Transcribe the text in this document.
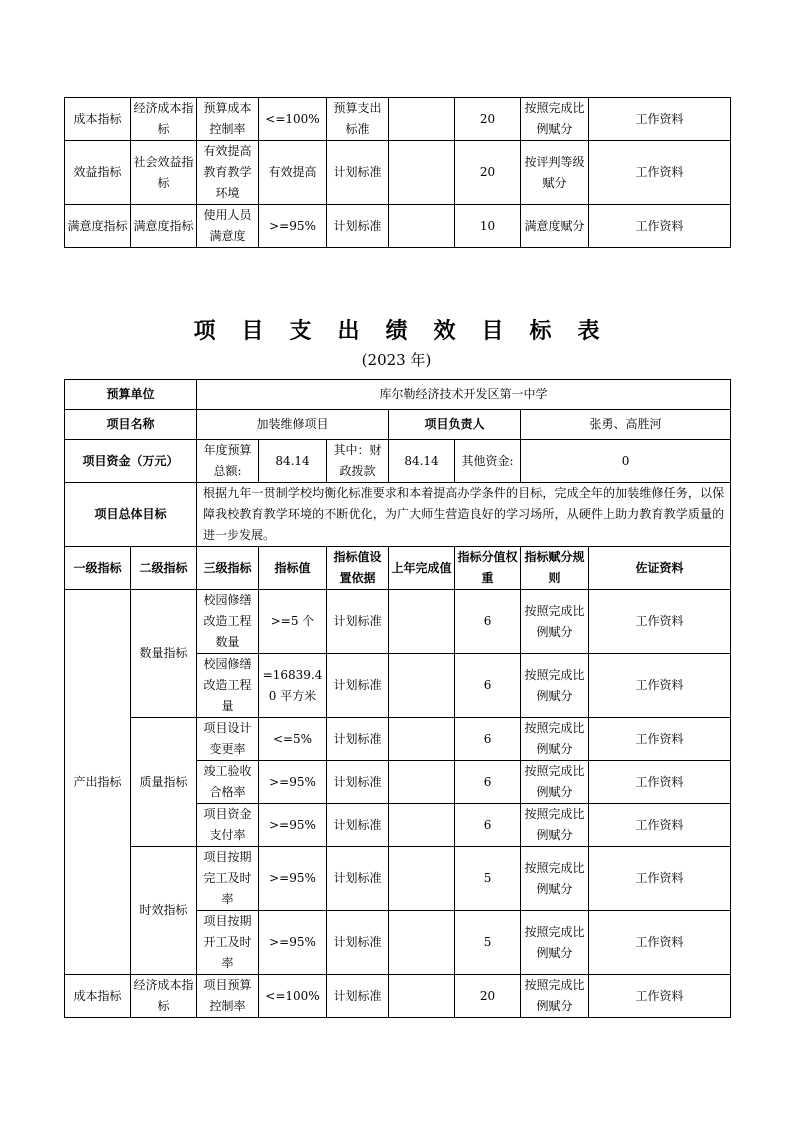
成本指标	经济成本指标	预算成本控制率	<=100%	预算支出标准		20	按照完成比例赋分	工作资料
效益指标	社会效益指标	有效提高教育教学环境	有效提高	计划标准		20	按评判等级赋分	工作资料
满意度指标	满意度指标	使用人员满意度	>=95%	计划标准		10	满意度赋分	工作资料
项目支出绩效目标表
(2023 年)
预算单位		库尔勒经济技术开发区第一中学						
项目名称		加装维修项目			项目负责人		张勇、高胜河	
项目资金（万元）		年度预算总额:	84.14	其中：财政拨款	84.14	其他资金:	0	
项目总体目标		根据九年一贯制学校均衡化标准要求和本着提高办学条件的目标，完成全年的加装维修任务，以保障我校教育教学环境的不断优化，为广大师生营造良好的学习场所，从硬件上助力教育教学质量的进一步发展。						
一级指标	二级指标	三级指标	指标值	指标值设置依据	上年完成值	指标分值权重	指标赋分规则	佐证资料
产出指标	数量指标	校园修缮改造工程数量	>=5 个	计划标准		6	按照完成比例赋分	工作资料
		校园修缮改造工程量	=16839.40 平方米	计划标准		6	按照完成比例赋分	工作资料
	质量指标	项目设计变更率	<=5%	计划标准		6	按照完成比例赋分	工作资料
		竣工验收合格率	>=95%	计划标准		6	按照完成比例赋分	工作资料
		项目资金支付率	>=95%	计划标准		6	按照完成比例赋分	工作资料
	时效指标	项目按期完工及时率	>=95%	计划标准		5	按照完成比例赋分	工作资料
		项目按期开工及时率	>=95%	计划标准		5	按照完成比例赋分	工作资料
成本指标	经济成本指标	项目预算控制率	<=100%	计划标准		20	按照完成比例赋分	工作资料
